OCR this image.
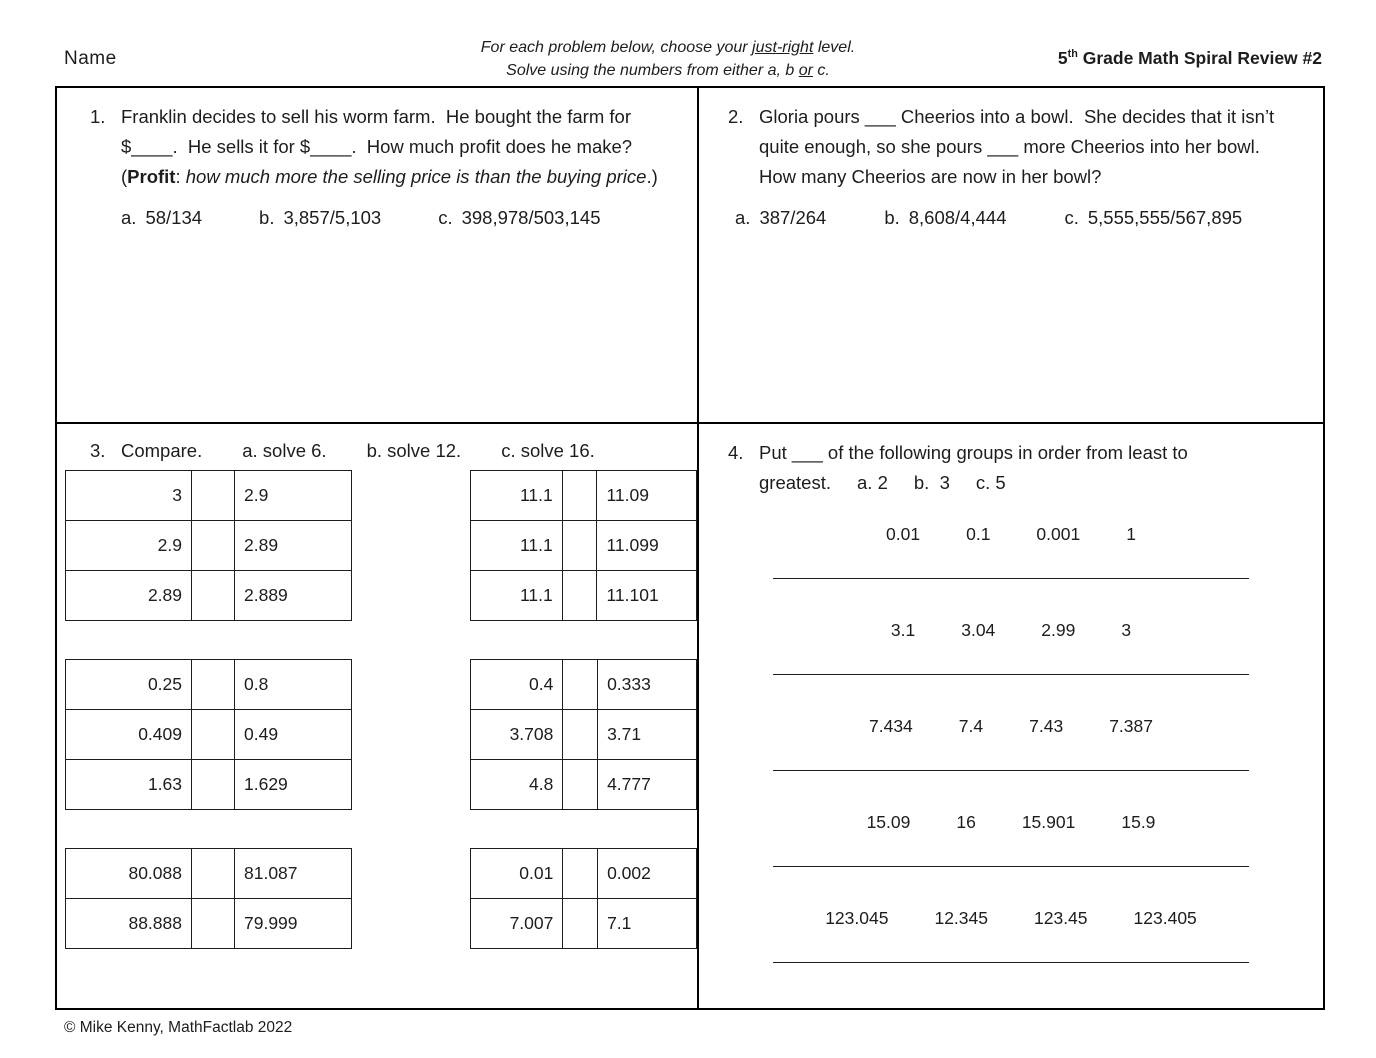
Name
For each problem below, choose your just-right level.
Solve using the numbers from either a, b or c.
5th Grade Math Spiral Review #2
1. Franklin decides to sell his worm farm.  He bought the farm for $____.  He sells it for $____.  How much profit does he make?  (Profit: how much more the selling price is than the buying price.)

a. 58/134	b. 3,857/5,103	c. 398,978/503,145
2. Gloria pours ___ Cheerios into a bowl.  She decides that it isn’t quite enough, so she pours ___ more Cheerios into her bowl.  How many Cheerios are now in her bowl?

a. 387/264	b. 8,608/4,444	c. 5,555,555/567,895
3. Compare. a. solve 6. b. solve 12. c. solve 16.
3		2.9
2.9		2.89
2.89		2.889
0.25		0.8
0.409		0.49
1.63		1.629
80.088		81.087
88.888		79.999
11.1		11.09
11.1		11.099
11.1		11.101
0.4		0.333
3.708		3.71
4.8		4.777
0.01		0.002
7.007		7.1
4. Put ___ of the following groups in order from least to greatest. a. 2 b.  3 c. 5

0.01	0.1	0.001	1
3.1	3.04	2.99	3
7.434	7.4	7.43	7.387
15.09	16	15.901	15.9
123.045	12.345	123.45	123.405
© Mike Kenny, MathFactlab 2022
